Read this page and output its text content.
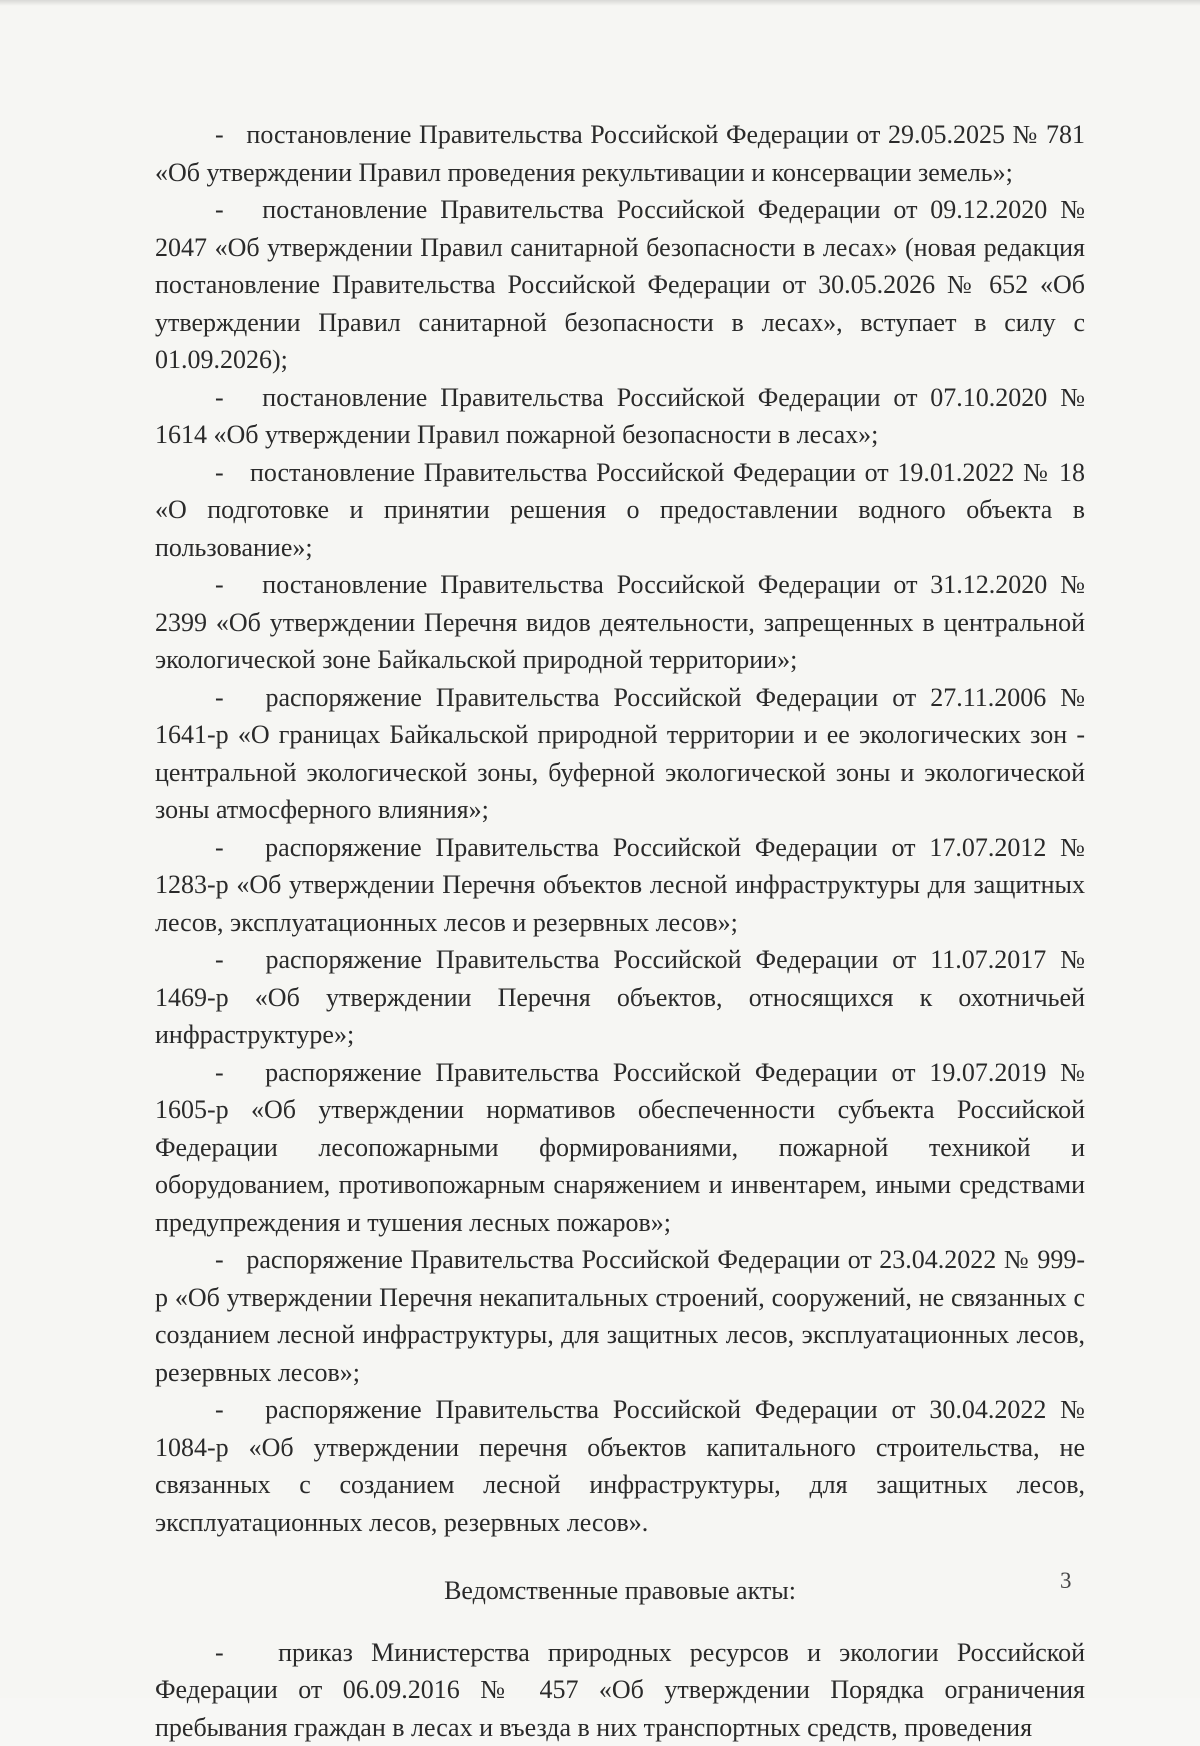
-   постановление Правительства Российской Федерации от 29.05.2025 № 781 «Об утверждении Правил проведения рекультивации и консервации земель»;

-   постановление Правительства Российской Федерации от 09.12.2020 № 2047 «Об утверждении Правил санитарной безопасности в лесах» (новая редакция постановление Правительства Российской Федерации от 30.05.2026 № 652 «Об утверждении Правил санитарной безопасности в лесах», вступает в силу с 01.09.2026);

-   постановление Правительства Российской Федерации от 07.10.2020 № 1614 «Об утверждении Правил пожарной безопасности в лесах»;

-   постановление Правительства Российской Федерации от 19.01.2022 № 18 «О подготовке и принятии решения о предоставлении водного объекта в пользование»;

-   постановление Правительства Российской Федерации от 31.12.2020 № 2399 «Об утверждении Перечня видов деятельности, запрещенных в центральной экологической зоне Байкальской природной территории»;

-   распоряжение Правительства Российской Федерации от 27.11.2006 № 1641-р «О границах Байкальской природной территории и ее экологических зон - центральной экологической зоны, буферной экологической зоны и экологической зоны атмосферного влияния»;

-   распоряжение Правительства Российской Федерации от 17.07.2012 № 1283-р «Об утверждении Перечня объектов лесной инфраструктуры для защитных лесов, эксплуатационных лесов и резервных лесов»;

-   распоряжение Правительства Российской Федерации от 11.07.2017 № 1469-р «Об утверждении Перечня объектов, относящихся к охотничьей инфраструктуре»;

-   распоряжение Правительства Российской Федерации от 19.07.2019 № 1605-р «Об утверждении нормативов обеспеченности субъекта Российской Федерации лесопожарными формированиями, пожарной техникой и оборудованием, противопожарным снаряжением и инвентарем, иными средствами предупреждения и тушения лесных пожаров»;

-   распоряжение Правительства Российской Федерации от 23.04.2022 № 999-р «Об утверждении Перечня некапитальных строений, сооружений, не связанных с созданием лесной инфраструктуры, для защитных лесов, эксплуатационных лесов, резервных лесов»;

-   распоряжение Правительства Российской Федерации от 30.04.2022 № 1084-р «Об утверждении перечня объектов капитального строительства, не связанных с созданием лесной инфраструктуры, для защитных лесов, эксплуатационных лесов, резервных лесов».

Ведомственные правовые акты:

-   приказ Министерства природных ресурсов и экологии Российской Федерации от 06.09.2016 № 457 «Об утверждении Порядка ограничения пребывания граждан в лесах и въезда в них транспортных средств, проведения

3
